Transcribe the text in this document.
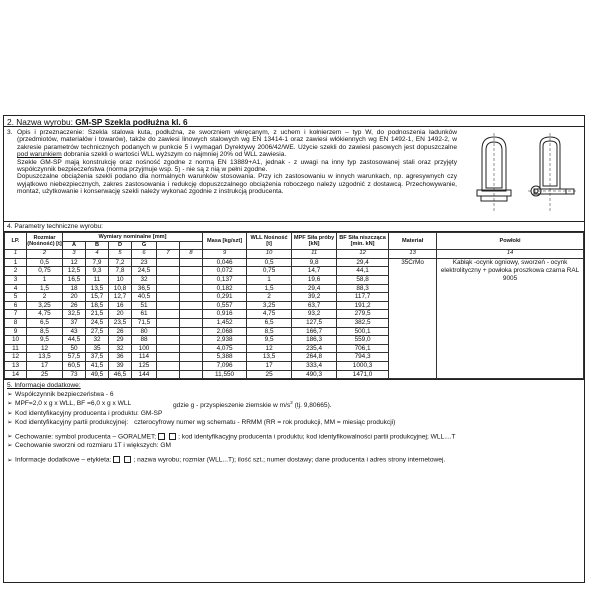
2. Nazwa wyrobu: GM-SP Szekla podłużna kl. 6
3. Opis i przeznaczenie: Szekla stalowa kuta, podłużna, ze sworzniem wkręcanym, z uchem i kołnierzem – typ W, do podnoszenia ładunków (przedmiotów, materiałów i towarów), także do zawiesi linowych stalowych wg EN 13414-1 oraz zawiesi włókiennych wg EN 1492-1, EN 1492-2, w zakresie parametrów technicznych podanych w punkcie 5 i wymagań Dyrektywy 2006/42/WE. Użycie szekli do zawiesi pasowych jest dopuszczalne pod warunkiem dobrania szekli o wartości WLL wyższym co najmniej 20% od WLL zawiesia.

Szekle GM-SP mają konstrukcję oraz nośność zgodne z normą EN 13889+A1, jednak - z uwagi na inny typ zastosowanej stali oraz przyjęty współczynnik bezpieczeństwa (norma przyjmuje wsp. 5) - nie są z nią w pełni zgodne.

Dopuszczalne obciążenia szekli podano dla normalnych warunków stosowania. Przy ich zastosowaniu w innych warunkach, np. agresywnych czy wyjątkowo niebezpiecznych, zakres zastosowania i redukcję dopuszczalnego obciążenia roboczego należy uzgodnić z dostawcą. Przechowywanie, montaż, użytkowanie i konserwację szekli należy wykonać zgodnie z instrukcją producenta.

4. Parametry techniczne wyrobu:
LP.	Rozmiar (Nośność) [t]	Wymiary nominalne [mm]						Masa [kg/szt]	WLL Nośność [t]	MPF Siła próby [kN]	BF Siła niszcząca [min. kN]	Materiał	Powłoki
		A	B	D	G								
1	2	3	4	5	6	7	8	9	10	11	12	13	14
1	0,5	12	7,9	7,2	23			0,046	0,5	9,8	29,4	35CrMo	Kabłąk -ocynk ogniowy, sworzeń - ocynk elektrolityczny + powłoka proszkowa czarna RAL 9005
2	0,75	12,5	9,3	7,8	24,5			0,072	0,75	14,7	44,1		
3	1	16,5	11	10	32			0,137	1	19,6	58,8		
4	1,5	18	13,5	10,8	36,5			0,182	1,5	29,4	88,3		
5	2	20	15,7	12,7	40,5			0,291	2	39,2	117,7		
6	3,25	26	18,5	16	51			0,557	3,25	63,7	191,2		
7	4,75	32,5	21,5	20	61			0,916	4,75	93,2	279,5		
8	6,5	37	24,5	23,5	71,5			1,452	6,5	127,5	382,5		
9	8,5	43	27,5	26	80			2,068	8,5	166,7	500,1		
10	9,5	44,5	32	29	88			2,938	9,5	186,3	559,0		
11	12	50	35	32	100			4,075	12	235,4	706,1		
12	13,5	57,5	37,5	36	114			5,388	13,5	264,8	794,3		
13	17	60,5	41,5	39	125			7,096	17	333,4	1000,3		
14	25	73	49,5	46,5	144			11,550	25	490,3	1471,0		
5. Informacje dodatkowe:
➢ Współczynnik bezpieczeństwa - 6
➢ MPF=2,0 x g x WLL, BF =6,0 x g x WLL	gdzie g - przyspieszenie ziemskie w $m/s^2$ (tj. 9,80665).
➢ Kod identyfikacyjny producenta i produktu: GM-SP
➢ Kod identyfikacyjny partii produkcyjnej: czterocyfrowy numer wg schematu - RRMM (RR = rok produkcji, MM = miesiąc produkcji)
➢ Cechowanie: symbol producenta – GORALMET;	; kod identyfikacyjny producenta i produktu; kod identyfikowalności partii produkcyjnej; WLL....T
➢ Cechowanie sworzni od rozmiaru 1T i większych: GM
➢ Informacje dodatkowe – etykieta:	; nazwa wyrobu; rozmiar (WLL...T); ilość szt.; numer dostawy; dane producenta i adres strony internetowej.
